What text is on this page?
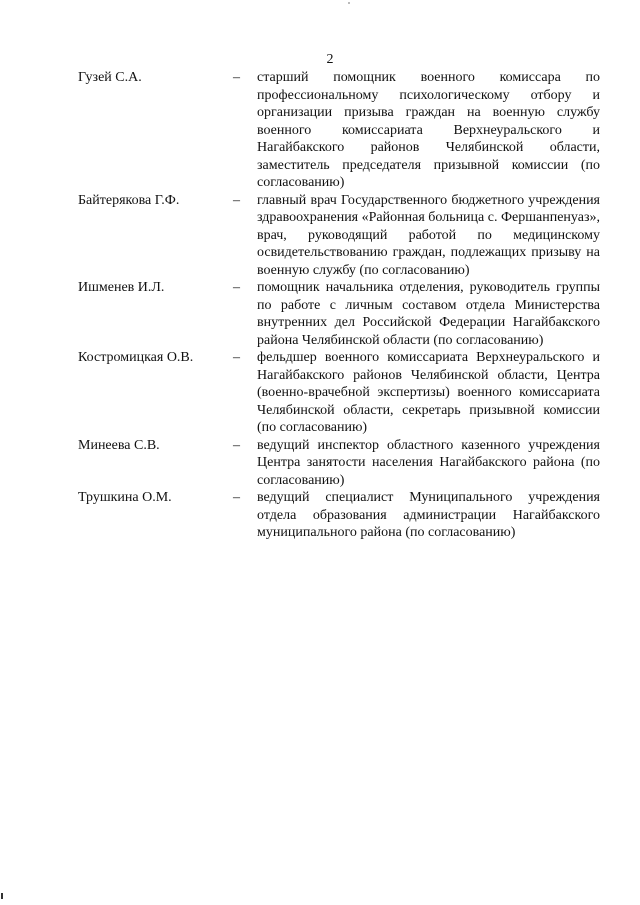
2
Гузей С.А.	–	старший помощник военного комиссара по профессиональному психологическому отбору и организации призыва граждан на военную службу военного комиссариата Верхнеуральского и Нагайбакского районов Челябинской области, заместитель председателя призывной комиссии (по согласованию)
Байтерякова Г.Ф.	–	главный врач Государственного бюджетного учреждения здравоохранения «Районная больница с. Фершанпенуаз», врач, руководящий работой по медицинскому освидетельствованию граждан, подлежащих призыву на военную службу (по согласованию)
Ишменев И.Л.	–	помощник начальника отделения, руководитель группы по работе с личным составом отдела Министерства внутренних дел Российской Федерации Нагайбакского района Челябинской области (по согласованию)
Костромицкая О.В.	–	фельдшер военного комиссариата Верхнеуральского и Нагайбакского районов Челябинской области, Центра (военно-врачебной экспертизы) военного комиссариата Челябинской области, секретарь призывной комиссии (по согласованию)
Минеева С.В.	–	ведущий инспектор областного казенного учреждения Центра занятости населения Нагайбакского района (по согласованию)
Трушкина О.М.	–	ведущий специалист Муниципального учреждения отдела образования администрации Нагайбакского муниципального района (по согласованию)
